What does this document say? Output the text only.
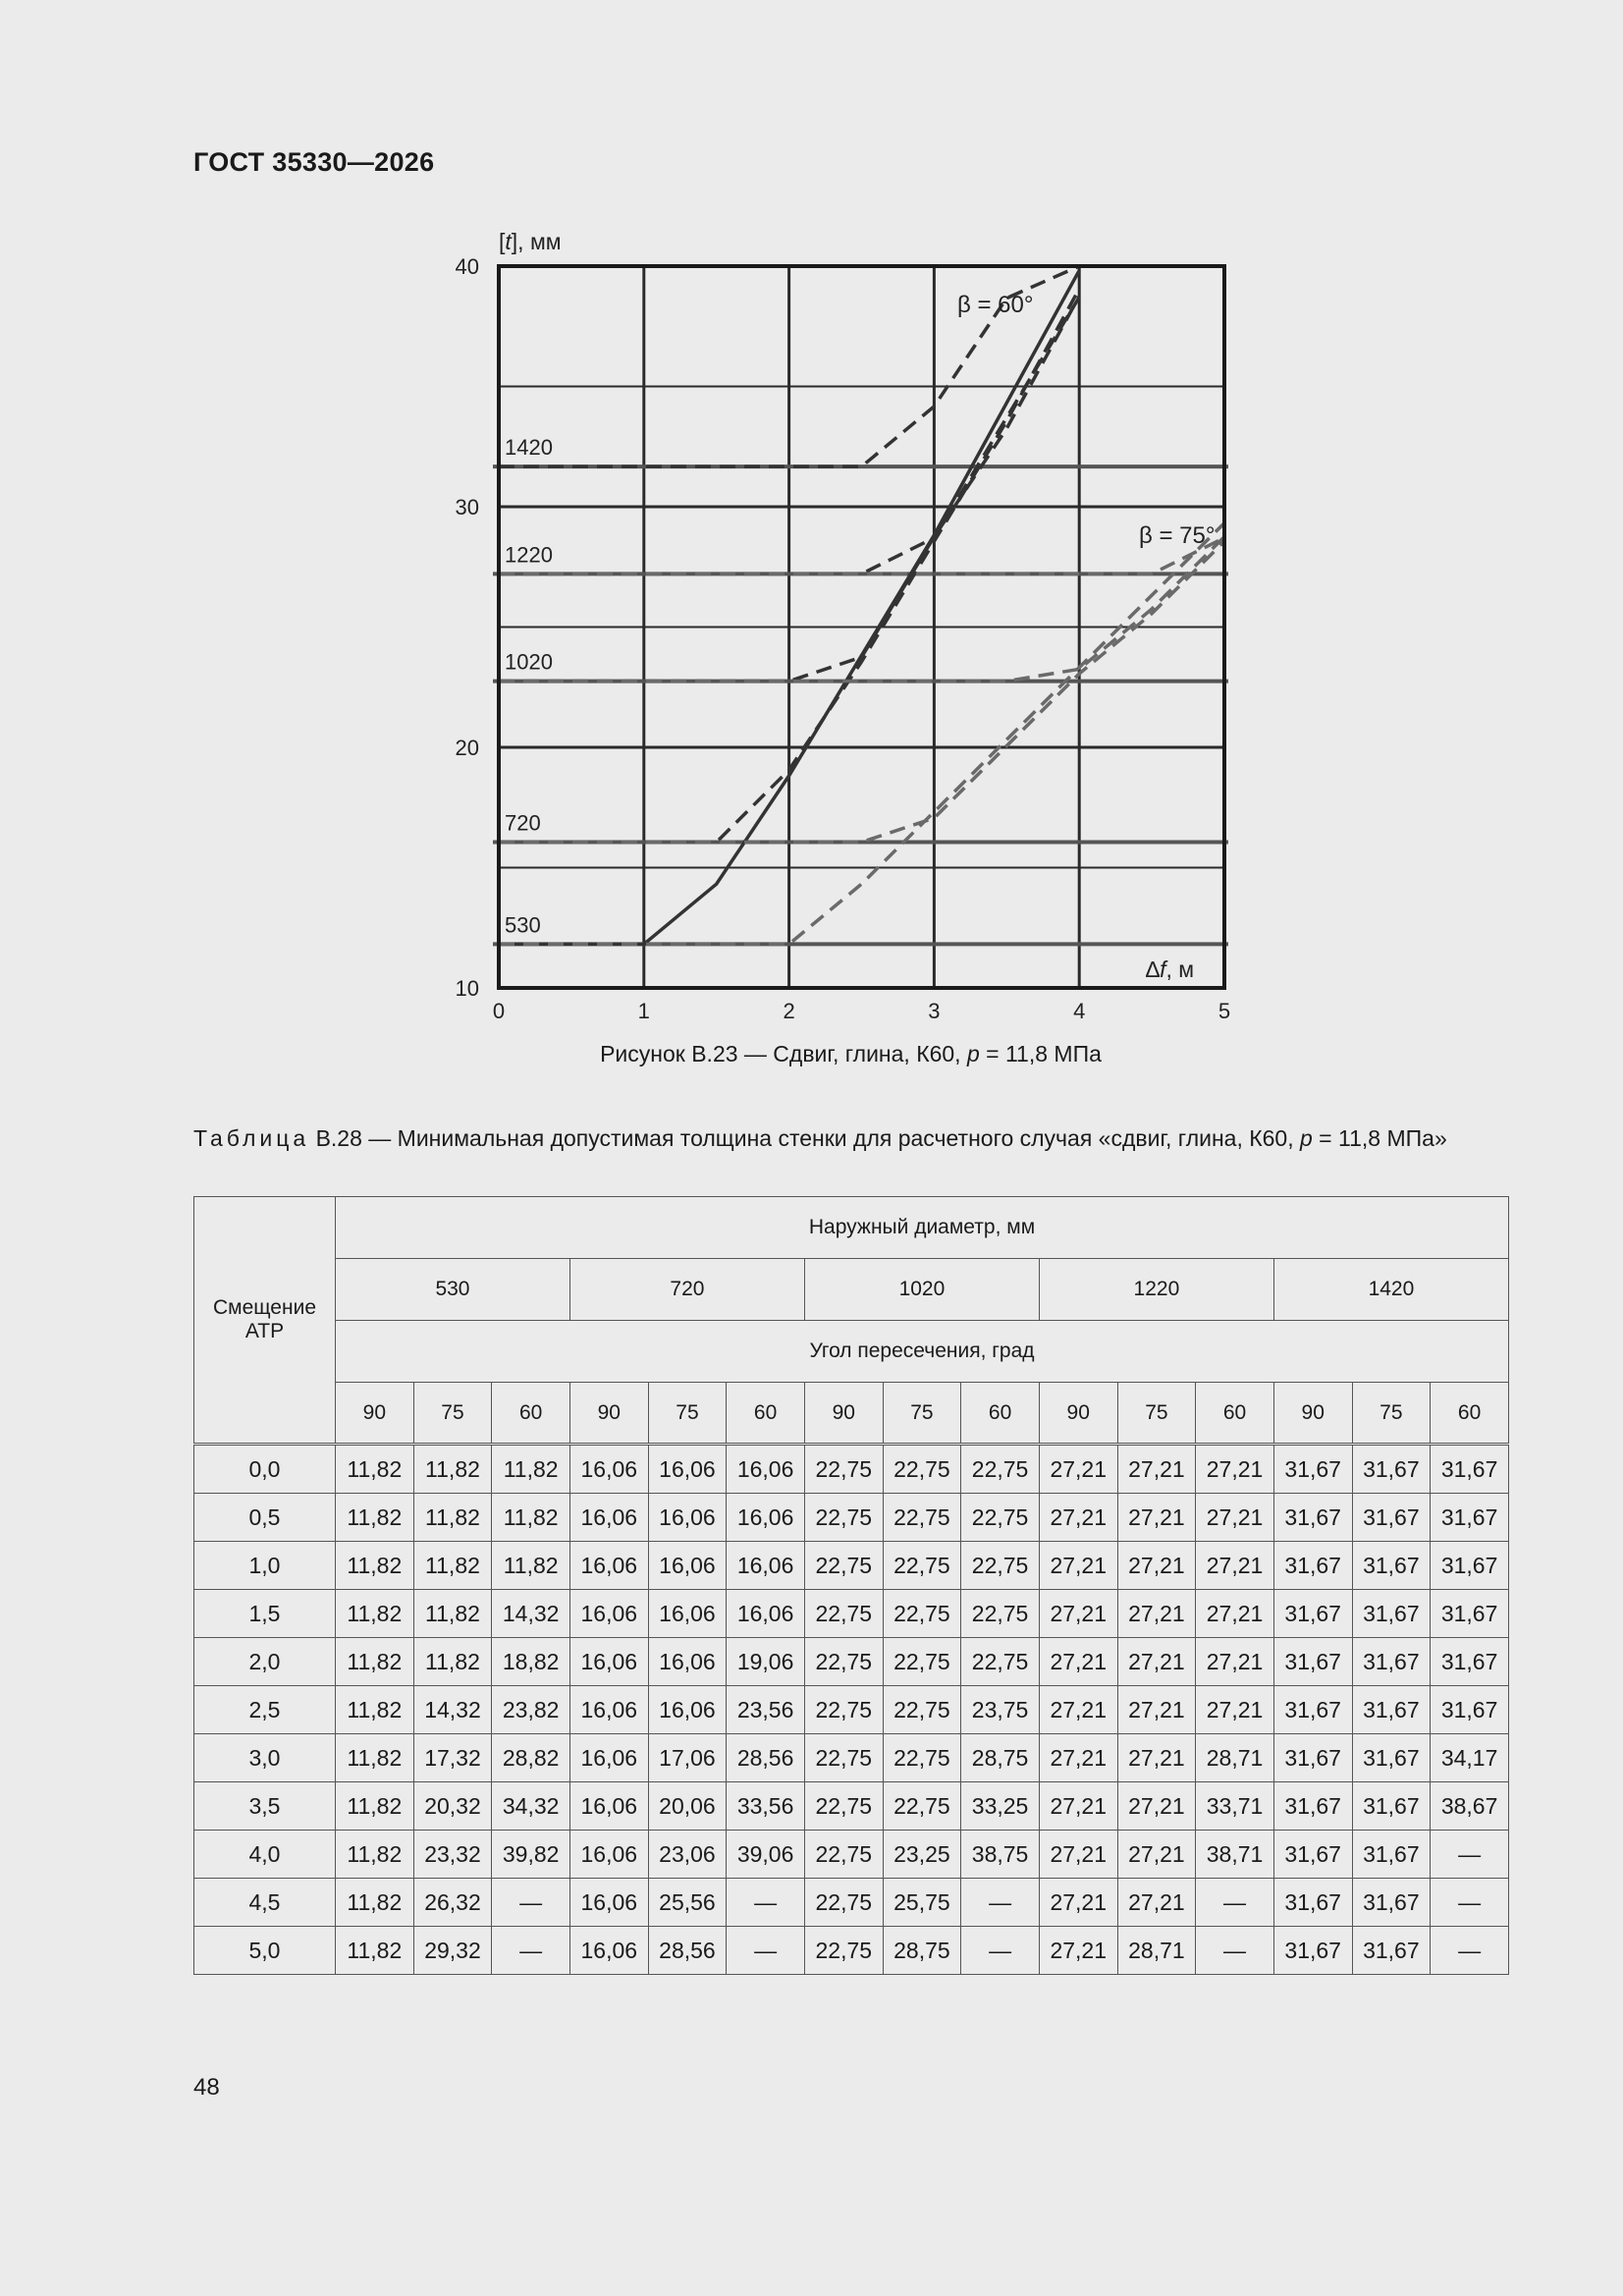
ГОСТ 35330—2026
530
720
1020
1220
1420
0	1	2	3	4	5
10
20
30
40
[t], мм
∆f, м
β = 60°
β = 75°
Рисунок В.23 — Сдвиг, глина, К60, p = 11,8 МПа
Таблица В.28 — Минимальная допустимая толщина стенки для расчетного случая «сдвиг, глина, К60, p = 11,8 МПа»
Смещение АТР	Наружный диаметр, мм														
	530			720			1020			1220			1420		
	Угол пересечения, град														
	90	75	60	90	75	60	90	75	60	90	75	60	90	75	60
0,0	11,82	11,82	11,82	16,06	16,06	16,06	22,75	22,75	22,75	27,21	27,21	27,21	31,67	31,67	31,67
0,5	11,82	11,82	11,82	16,06	16,06	16,06	22,75	22,75	22,75	27,21	27,21	27,21	31,67	31,67	31,67
1,0	11,82	11,82	11,82	16,06	16,06	16,06	22,75	22,75	22,75	27,21	27,21	27,21	31,67	31,67	31,67
1,5	11,82	11,82	14,32	16,06	16,06	16,06	22,75	22,75	22,75	27,21	27,21	27,21	31,67	31,67	31,67
2,0	11,82	11,82	18,82	16,06	16,06	19,06	22,75	22,75	22,75	27,21	27,21	27,21	31,67	31,67	31,67
2,5	11,82	14,32	23,82	16,06	16,06	23,56	22,75	22,75	23,75	27,21	27,21	27,21	31,67	31,67	31,67
3,0	11,82	17,32	28,82	16,06	17,06	28,56	22,75	22,75	28,75	27,21	27,21	28,71	31,67	31,67	34,17
3,5	11,82	20,32	34,32	16,06	20,06	33,56	22,75	22,75	33,25	27,21	27,21	33,71	31,67	31,67	38,67
4,0	11,82	23,32	39,82	16,06	23,06	39,06	22,75	23,25	38,75	27,21	27,21	38,71	31,67	31,67	—
4,5	11,82	26,32	—	16,06	25,56	—	22,75	25,75	—	27,21	27,21	—	31,67	31,67	—
5,0	11,82	29,32	—	16,06	28,56	—	22,75	28,75	—	27,21	28,71	—	31,67	31,67	—
48
